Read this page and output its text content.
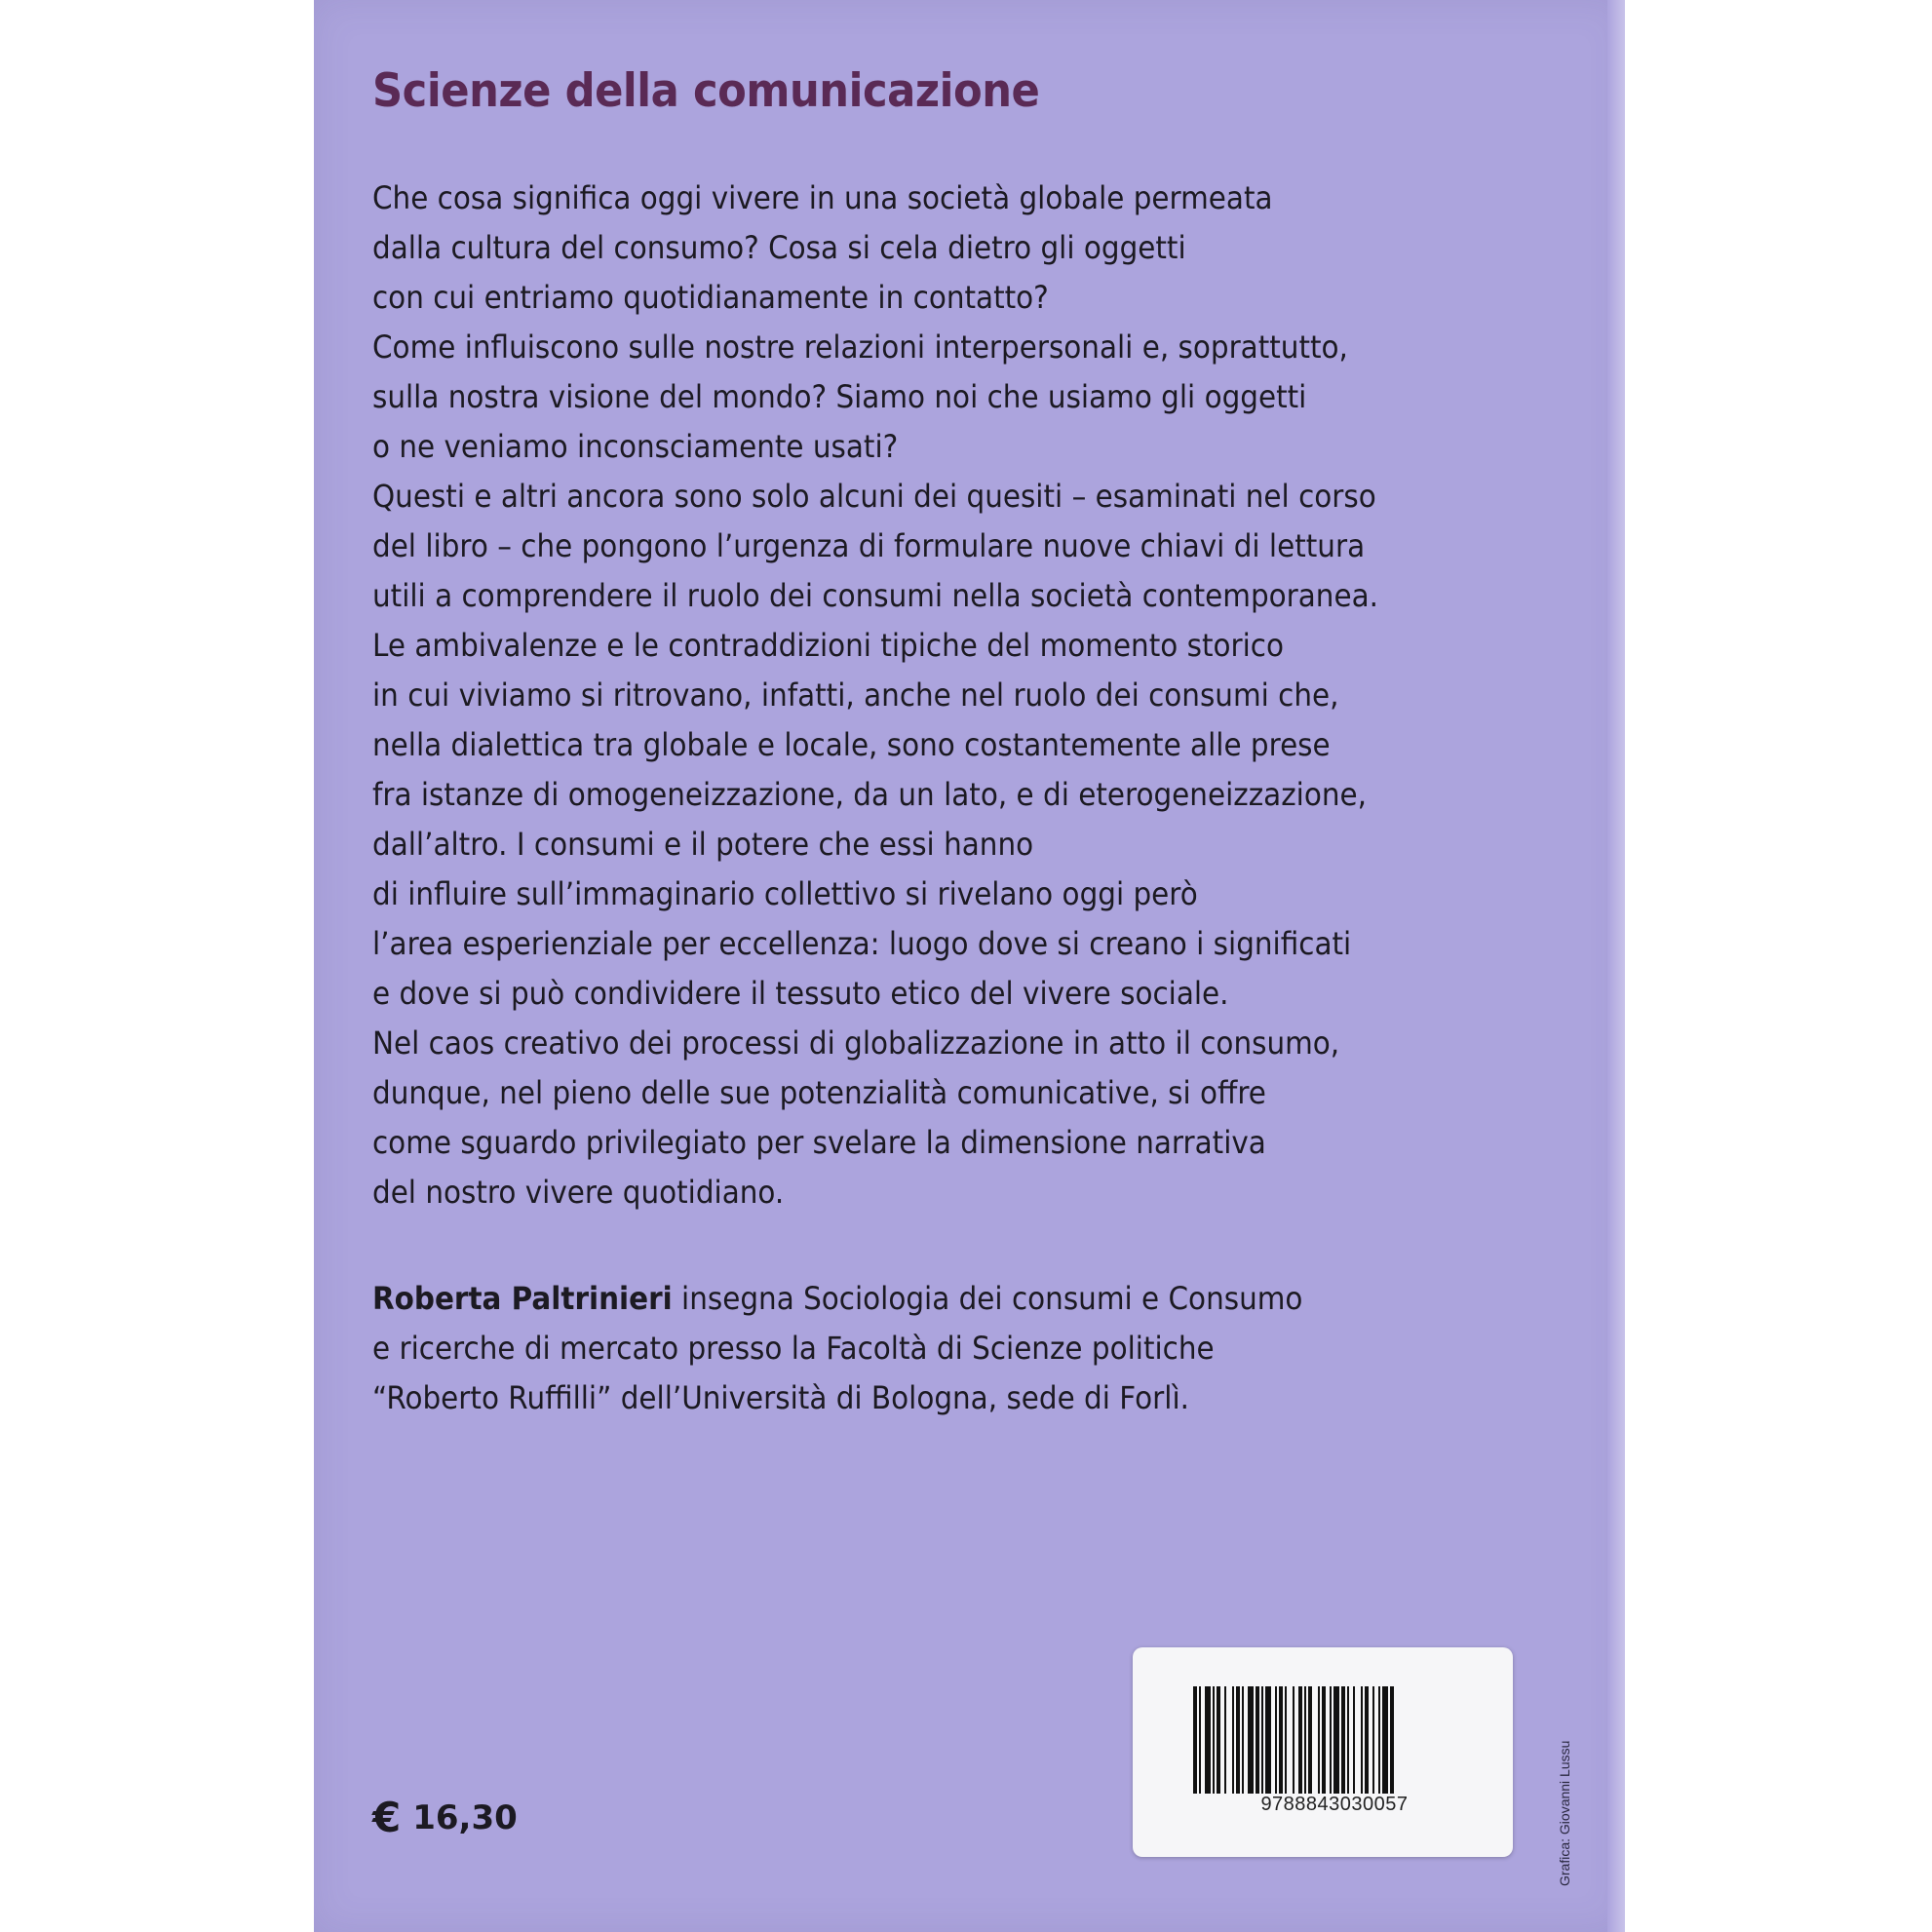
Scienze della comunicazione
Che cosa significa oggi vivere in una società globale permeata
dalla cultura del consumo? Cosa si cela dietro gli oggetti
con cui entriamo quotidianamente in contatto?
Come influiscono sulle nostre relazioni interpersonali e, soprattutto,
sulla nostra visione del mondo? Siamo noi che usiamo gli oggetti
o ne veniamo inconsciamente usati?
Questi e altri ancora sono solo alcuni dei quesiti – esaminati nel corso
del libro – che pongono l’urgenza di formulare nuove chiavi di lettura
utili a comprendere il ruolo dei consumi nella società contemporanea.
Le ambivalenze e le contraddizioni tipiche del momento storico
in cui viviamo si ritrovano, infatti, anche nel ruolo dei consumi che,
nella dialettica tra globale e locale, sono costantemente alle prese
fra istanze di omogeneizzazione, da un lato, e di eterogeneizzazione,
dall’altro. I consumi e il potere che essi hanno
di influire sull’immaginario collettivo si rivelano oggi però
l’area esperienziale per eccellenza: luogo dove si creano i significati
e dove si può condividere il tessuto etico del vivere sociale.
Nel caos creativo dei processi di globalizzazione in atto il consumo,
dunque, nel pieno delle sue potenzialità comunicative, si offre
come sguardo privilegiato per svelare la dimensione narrativa
del nostro vivere quotidiano.
Roberta Paltrinieri insegna Sociologia dei consumi e Consumo
e ricerche di mercato presso la Facoltà di Scienze politiche
“Roberto Ruffilli” dell’Università di Bologna, sede di Forlì.
€ 16,30	9788843030057	Grafica: Giovanni Lussu
